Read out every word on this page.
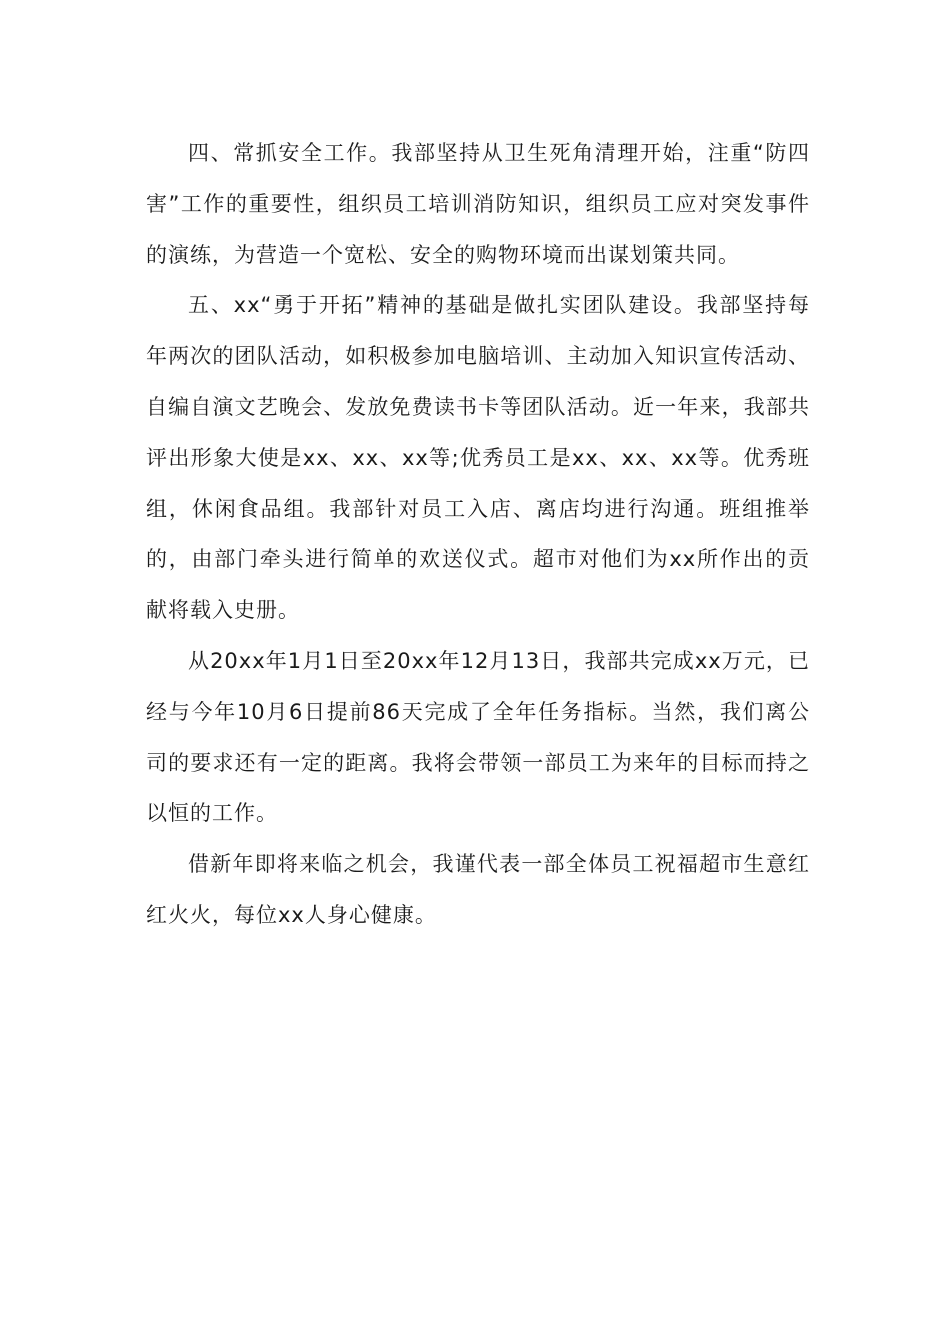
四、常抓安全工作。我部坚持从卫生死角清理开始，注重“防四害”工作的重要性，组织员工培训消防知识，组织员工应对突发事件的演练，为营造一个宽松、安全的购物环境而出谋划策共同。

五、xx“勇于开拓”精神的基础是做扎实团队建设。我部坚持每年两次的团队活动，如积极参加电脑培训、主动加入知识宣传活动、自编自演文艺晚会、发放免费读书卡等团队活动。近一年来，我部共评出形象大使是xx、xx、xx等;优秀员工是xx、xx、xx等。优秀班组，休闲食品组。我部针对员工入店、离店均进行沟通。班组推举的，由部门牵头进行简单的欢送仪式。超市对他们为xx所作出的贡献将载入史册。

从20xx年1月1日至20xx年12月13日，我部共完成xx万元，已经与今年10月6日提前86天完成了全年任务指标。当然，我们离公司的要求还有一定的距离。我将会带领一部员工为来年的目标而持之以恒的工作。

借新年即将来临之机会，我谨代表一部全体员工祝福超市生意红红火火，每位xx人身心健康。
